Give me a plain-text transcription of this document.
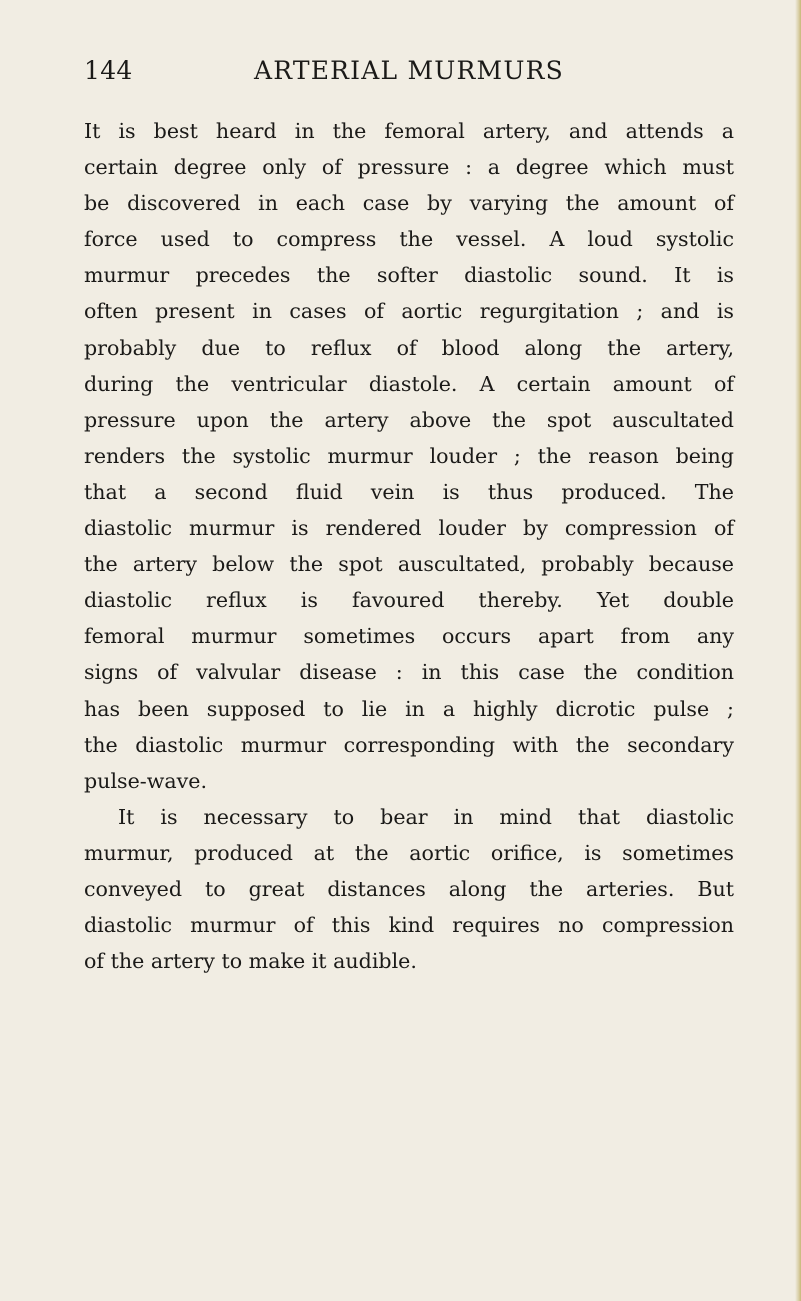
144	ARTERIAL MURMURS
It is best heard in the femoral artery, and attends a
certain degree only of pressure : a degree which must
be discovered in each case by varying the amount of
force used to compress the vessel. A loud systolic
murmur precedes the softer diastolic sound. It is
often present in cases of aortic regurgitation ; and is
probably due to reflux of blood along the artery,
during the ventricular diastole. A certain amount of
pressure upon the artery above the spot auscultated
renders the systolic murmur louder ; the reason being
that a second fluid vein is thus produced. The
diastolic murmur is rendered louder by compression of
the artery below the spot auscultated, probably because
diastolic reflux is favoured thereby. Yet double
femoral murmur sometimes occurs apart from any
signs of valvular disease : in this case the condition
has been supposed to lie in a highly dicrotic pulse ;
the diastolic murmur corresponding with the secondary
pulse-wave.
It is necessary to bear in mind that diastolic
murmur, produced at the aortic orifice, is sometimes
conveyed to great distances along the arteries. But
diastolic murmur of this kind requires no compression
of the artery to make it audible.
